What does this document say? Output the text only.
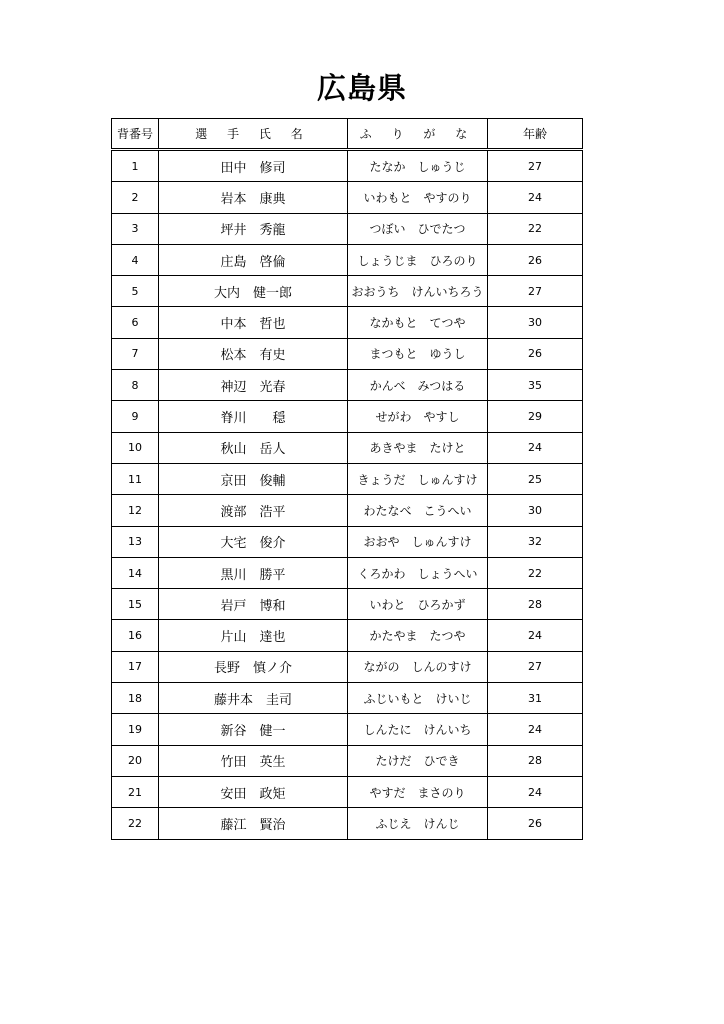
広島県
背番号	選 手 氏 名	ふ り が な	年齢
1	田中　修司	たなか　しゅうじ	27
2	岩本　康典	いわもと　やすのり	24
3	坪井　秀龍	つぼい　ひでたつ	22
4	庄島　啓倫	しょうじま　ひろのり	26
5	大内　健一郎	おおうち　けんいちろう	27
6	中本　哲也	なかもと　てつや	30
7	松本　有史	まつもと　ゆうし	26
8	神辺　光春	かんべ　みつはる	35
9	脊川　　穏	せがわ　やすし	29
10	秋山　岳人	あきやま　たけと	24
11	京田　俊輔	きょうだ　しゅんすけ	25
12	渡部　浩平	わたなべ　こうへい	30
13	大宅　俊介	おおや　しゅんすけ	32
14	黒川　勝平	くろかわ　しょうへい	22
15	岩戸　博和	いわと　ひろかず	28
16	片山　達也	かたやま　たつや	24
17	長野　慎ノ介	ながの　しんのすけ	27
18	藤井本　圭司	ふじいもと　けいじ	31
19	新谷　健一	しんたに　けんいち	24
20	竹田　英生	たけだ　ひでき	28
21	安田　政矩	やすだ　まさのり	24
22	藤江　賢治	ふじえ　けんじ	26
